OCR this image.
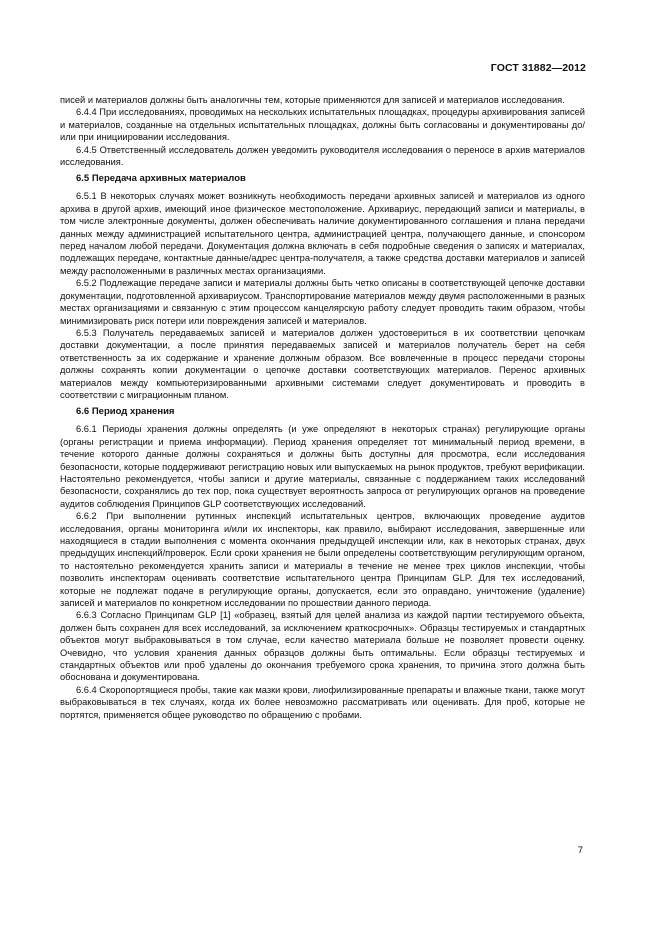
ГОСТ 31882—2012

писей и материалов должны быть аналогичны тем, которые применяются для записей и материалов исследования.

6.4.4 При исследованиях, проводимых на нескольких испытательных площадках, процедуры архивирования записей и материалов, созданные на отдельных испытательных площадках, должны быть согласованы и документированы до/или при инициировании исследования.

6.4.5 Ответственный исследователь должен уведомить руководителя исследования о переносе в архив материалов исследования.

6.5 Передача архивных материалов

6.5.1 В некоторых случаях может возникнуть необходимость передачи архивных записей и материалов из одного архива в другой архив, имеющий иное физическое местоположение. Архивариус, передающий записи и материалы, в том числе электронные документы, должен обеспечивать наличие документированного соглашения и плана передачи данных между администрацией испытательного центра, администрацией центра, получающего данные, и спонсором перед началом любой передачи. Документация должна включать в себя подробные сведения о записях и материалах, подлежащих передаче, контактные данные/адрес центра-получателя, а также средства доставки материалов и записей между расположенными в различных местах организациями.

6.5.2 Подлежащие передаче записи и материалы должны быть четко описаны в соответствующей цепочке доставки документации, подготовленной архивариусом. Транспортирование материалов между двумя расположенными в разных местах организациями и связанную с этим процессом канцелярскую работу следует проводить таким образом, чтобы минимизировать риск потери или повреждения записей и материалов.

6.5.3 Получатель передаваемых записей и материалов должен удостовериться в их соответствии цепочкам доставки документации, а после принятия передаваемых записей и материалов получатель берет на себя ответственность за их содержание и хранение должным образом. Все вовлеченные в процесс передачи стороны должны сохранять копии документации о цепочке доставки соответствующих материалов. Перенос архивных материалов между компьютеризированными архивными системами следует документировать и проводить в соответствии с миграционным планом.

6.6 Период хранения

6.6.1 Периоды хранения должны определять (и уже определяют в некоторых странах) регулирующие органы (органы регистрации и приема информации). Период хранения определяет тот минимальный период времени, в течение которого данные должны сохраняться и должны быть доступны для просмотра, если исследования безопасности, которые поддерживают регистрацию новых или выпускаемых на рынок продуктов, требуют верификации. Настоятельно рекомендуется, чтобы записи и другие материалы, связанные с поддержанием таких исследований безопасности, сохранялись до тех пор, пока существует вероятность запроса от регулирующих органов на проведение аудитов соблюдения Принципов GLP соответствующих исследований.

6.6.2 При выполнении рутинных инспекций испытательных центров, включающих проведение аудитов исследования, органы мониторинга и/или их инспекторы, как правило, выбирают исследования, завершенные или находящиеся в стадии выполнения с момента окончания предыдущей инспекции или, как в некоторых странах, двух предыдущих инспекций/проверок. Если сроки хранения не были определены соответствующим регулирующим органом, то настоятельно рекомендуется хранить записи и материалы в течение не менее трех циклов инспекции, чтобы позволить инспекторам оценивать соответствие испытательного центра Принципам GLP. Для тех исследований, которые не подлежат подаче в регулирующие органы, допускается, если это оправдано, уничтожение (удаление) записей и материалов по конкретном исследовании по прошествии данного периода.

6.6.3 Согласно Принципам GLP [1] «образец, взятый для целей анализа из каждой партии тестируемого объекта, должен быть сохранен для всех исследований, за исключением краткосрочных». Образцы тестируемых и стандартных объектов могут выбраковываться в том случае, если качество материала больше не позволяет провести оценку. Очевидно, что условия хранения данных образцов должны быть оптимальны. Если образцы тестируемых и стандартных объектов или проб удалены до окончания требуемого срока хранения, то причина этого должна быть обоснована и документирована.

6.6.4 Скоропортящиеся пробы, такие как мазки крови, лиофилизированные препараты и влажные ткани, также могут выбраковываться в тех случаях, когда их более невозможно рассматривать или оценивать. Для проб, которые не портятся, применяется общее руководство по обращению с пробами.

7
